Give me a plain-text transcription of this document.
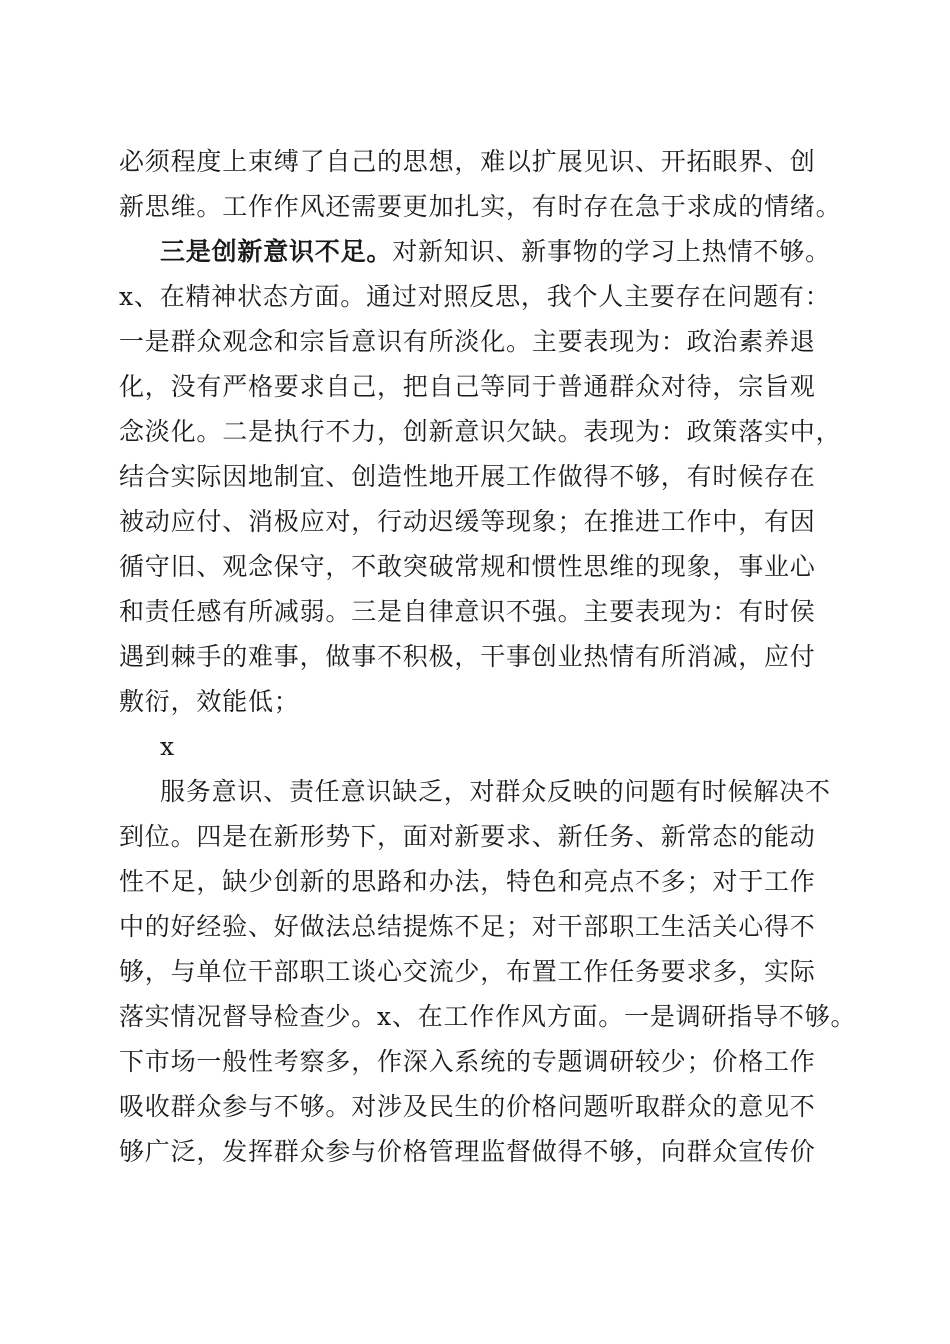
必须程度上束缚了自己的思想，难以扩展见识、开拓眼界、创
新思维。工作作风还需要更加扎实，有时存在急于求成的情绪。
三是创新意识不足。对新知识、新事物的学习上热情不够。
x、在精神状态方面。通过对照反思，我个人主要存在问题有：
一是群众观念和宗旨意识有所淡化。主要表现为：政治素养退
化，没有严格要求自己，把自己等同于普通群众对待，宗旨观
念淡化。二是执行不力，创新意识欠缺。表现为：政策落实中，
结合实际因地制宜、创造性地开展工作做得不够，有时候存在
被动应付、消极应对，行动迟缓等现象；在推进工作中，有因
循守旧、观念保守，不敢突破常规和惯性思维的现象，事业心
和责任感有所减弱。三是自律意识不强。主要表现为：有时侯
遇到棘手的难事，做事不积极，干事创业热情有所消减，应付
敷衍，效能低；
x
服务意识、责任意识缺乏，对群众反映的问题有时候解决不
到位。四是在新形势下，面对新要求、新任务、新常态的能动
性不足，缺少创新的思路和办法，特色和亮点不多；对于工作
中的好经验、好做法总结提炼不足；对干部职工生活关心得不
够，与单位干部职工谈心交流少，布置工作任务要求多，实际
落实情况督导检查少。x、在工作作风方面。一是调研指导不够。
下市场一般性考察多，作深入系统的专题调研较少；价格工作
吸收群众参与不够。对涉及民生的价格问题听取群众的意见不
够广泛，发挥群众参与价格管理监督做得不够，向群众宣传价
